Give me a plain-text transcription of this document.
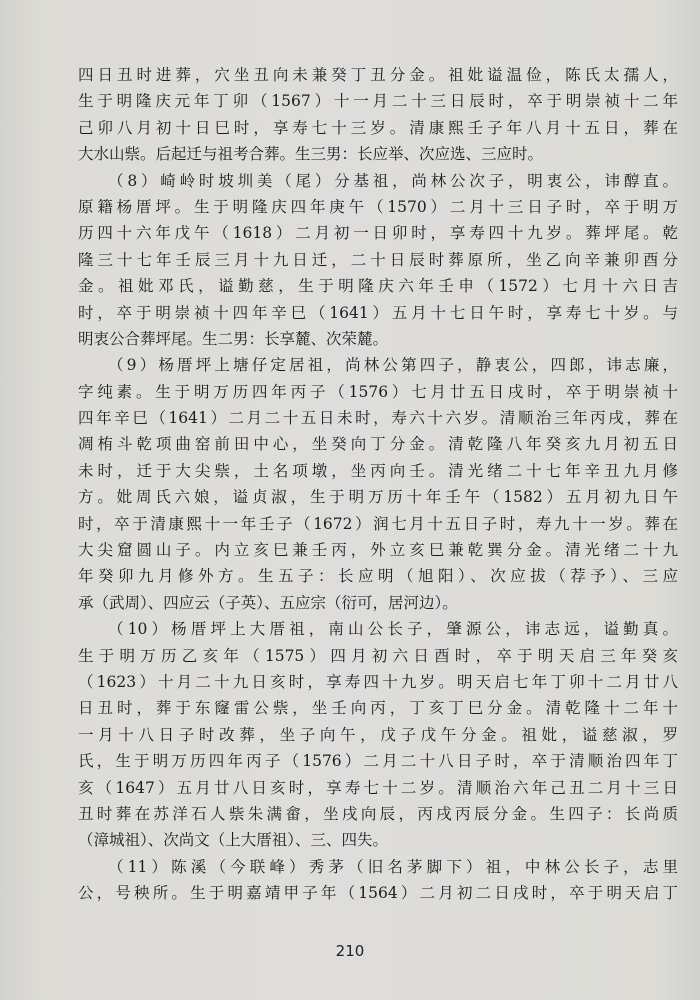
四日丑时进葬，穴坐丑向未兼癸丁丑分金。祖妣谥温俭，陈氏太孺人，
生于明隆庆元年丁卯（1567）十一月二十三日辰时，卒于明崇祯十二年
己卯八月初十日巳时，享寿七十三岁。清康熙壬子年八月十五日，葬在
大水山祡。后起迁与祖考合葬。生三男：长应举、次应选、三应时。
（8）崎岭时坡圳美（尾）分基祖，尚林公次子，明衷公，讳醇直。
原籍杨厝坪。生于明隆庆四年庚午（1570）二月十三日子时，卒于明万
历四十六年戊午（1618）二月初一日卯时，享寿四十九岁。葬坪尾。乾
隆三十七年壬辰三月十九日迁，二十日辰时葬原所，坐乙向辛兼卯酉分
金。祖妣邓氏，谥勤慈，生于明隆庆六年壬申（1572）七月十六日吉
时，卒于明崇祯十四年辛巳（1641）五月十七日午时，享寿七十岁。与
明衷公合葬坪尾。生二男：长享麓、次荣麓。
（9）杨厝坪上塘仔定居祖，尚林公第四子，静衷公，四郎，讳志廉，
字纯素。生于明万历四年丙子（1576）七月廿五日戌时，卒于明崇祯十
四年辛巳（1641）二月二十五日未时，寿六十六岁。清顺治三年丙戌，葬在
凋栯斗乾项曲窑前田中心，坐癸向丁分金。清乾隆八年癸亥九月初五日
未时，迁于大尖祡，土名项墩，坐丙向壬。清光绪二十七年辛丑九月修
方。妣周氏六娘，谥贞淑，生于明万历十年壬午（1582）五月初九日午
时，卒于清康熙十一年壬子（1672）润七月十五日子时，寿九十一岁。葬在
大尖窟圆山子。内立亥巳兼壬丙，外立亥巳兼乾巽分金。清光绪二十九
年癸卯九月修外方。生五子：长应明（旭阳）、次应拔（荐予）、三应
承（武周）、四应云（子英）、五应宗（衍可，居河边）。
（10）杨厝坪上大厝祖，南山公长子，肇源公，讳志远，谥勤真。
生于明万历乙亥年（1575）四月初六日酉时，卒于明天启三年癸亥
（1623）十月二十九日亥时，享寿四十九岁。明天启七年丁卯十二月廿八
日丑时，葬于东窿雷公祡，坐壬向丙，丁亥丁巳分金。清乾隆十二年十
一月十八日子时改葬，坐子向午，戊子戊午分金。祖妣，谥慈淑，罗
氏，生于明万历四年丙子（1576）二月二十八日子时，卒于清顺治四年丁
亥（1647）五月廿八日亥时，享寿七十二岁。清顺治六年己丑二月十三日
丑时葬在苏洋石人祡朱满畲，坐戌向辰，丙戌丙辰分金。生四子：长尚质
（漳城祖）、次尚文（上大厝祖）、三、四失。
（11）陈溪（今联峰）秀茅（旧名茅脚下）祖，中林公长子，志里
公，号秧所。生于明嘉靖甲子年（1564）二月初二日戌时，卒于明天启丁
210
